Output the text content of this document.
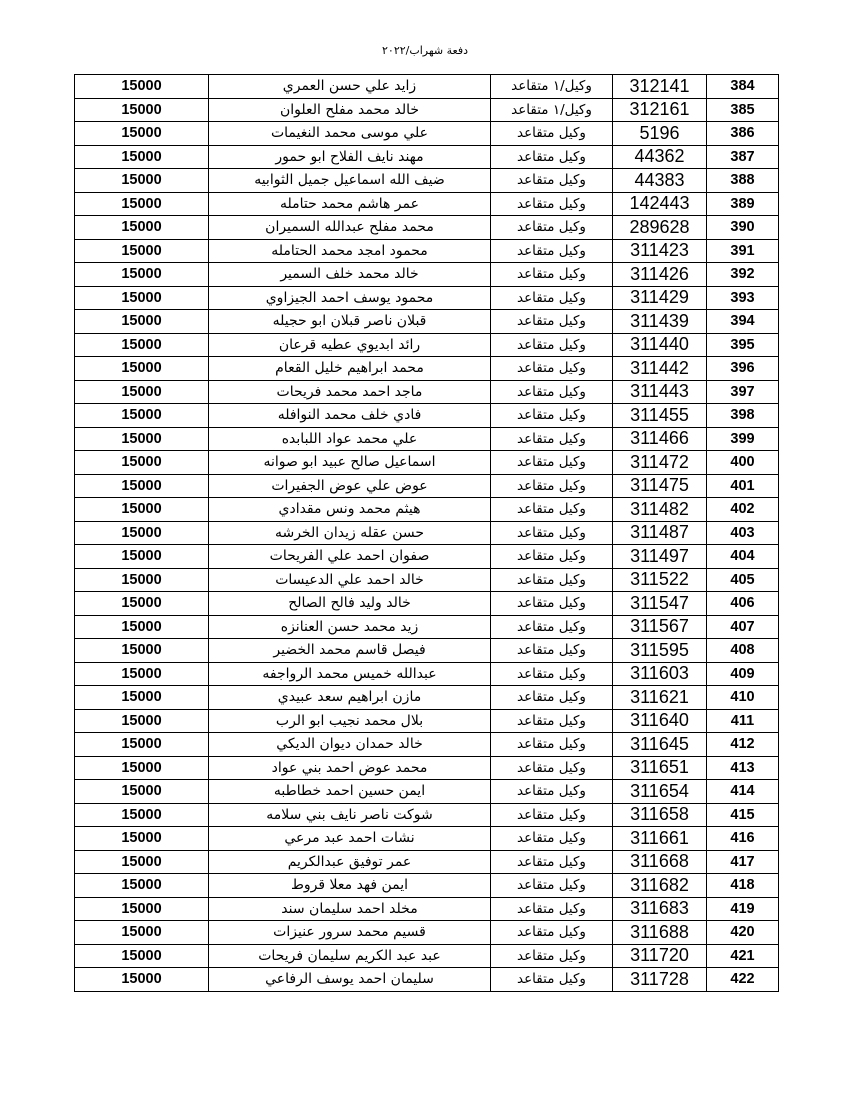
دفعة شهراب/٢٠٢٢
15000	زايد علي حسن العمري	وكيل/١ متقاعد	312141	384
15000	خالد محمد مفلح العلوان	وكيل/١ متقاعد	312161	385
15000	علي موسى محمد النغيمات	وكيل متقاعد	5196	386
15000	مهند نايف الفلاح ابو حمور	وكيل متقاعد	44362	387
15000	ضيف الله اسماعيل جميل الثوابيه	وكيل متقاعد	44383	388
15000	عمر هاشم محمد حتامله	وكيل متقاعد	142443	389
15000	محمد مفلح عبدالله السميران	وكيل متقاعد	289628	390
15000	محمود امجد محمد الحتامله	وكيل متقاعد	311423	391
15000	خالد محمد خلف السمير	وكيل متقاعد	311426	392
15000	محمود يوسف احمد الجيزاوي	وكيل متقاعد	311429	393
15000	قبلان ناصر قبلان ابو حجيله	وكيل متقاعد	311439	394
15000	رائد ابديوي عطيه قرعان	وكيل متقاعد	311440	395
15000	محمد ابراهيم خليل القعام	وكيل متقاعد	311442	396
15000	ماجد احمد محمد فريحات	وكيل متقاعد	311443	397
15000	فادي خلف محمد النوافله	وكيل متقاعد	311455	398
15000	علي محمد عواد اللبابده	وكيل متقاعد	311466	399
15000	اسماعيل صالح عبيد ابو صوانه	وكيل متقاعد	311472	400
15000	عوض علي عوض الجفيرات	وكيل متقاعد	311475	401
15000	هيثم محمد ونس مقدادي	وكيل متقاعد	311482	402
15000	حسن عقله زيدان الخرشه	وكيل متقاعد	311487	403
15000	صفوان احمد علي الفريحات	وكيل متقاعد	311497	404
15000	خالد احمد علي الدعيسات	وكيل متقاعد	311522	405
15000	خالد وليد فالح الصالح	وكيل متقاعد	311547	406
15000	زيد محمد حسن العنانزه	وكيل متقاعد	311567	407
15000	فيصل قاسم محمد الخضير	وكيل متقاعد	311595	408
15000	عبدالله خميس محمد الرواجفه	وكيل متقاعد	311603	409
15000	مازن ابراهيم سعد عبيدي	وكيل متقاعد	311621	410
15000	بلال محمد نجيب ابو الرب	وكيل متقاعد	311640	411
15000	خالد حمدان ديوان الديكي	وكيل متقاعد	311645	412
15000	محمد عوض احمد بني عواد	وكيل متقاعد	311651	413
15000	ايمن حسين احمد خطاطبه	وكيل متقاعد	311654	414
15000	شوكت ناصر نايف بني سلامه	وكيل متقاعد	311658	415
15000	نشات احمد عبد مرعي	وكيل متقاعد	311661	416
15000	عمر توفيق عبدالكريم	وكيل متقاعد	311668	417
15000	ايمن فهد معلا قروط	وكيل متقاعد	311682	418
15000	مخلد احمد سليمان سند	وكيل متقاعد	311683	419
15000	قسيم محمد سرور عنيزات	وكيل متقاعد	311688	420
15000	عبد عبد الكريم سليمان فريحات	وكيل متقاعد	311720	421
15000	سليمان احمد يوسف الرفاعي	وكيل متقاعد	311728	422
